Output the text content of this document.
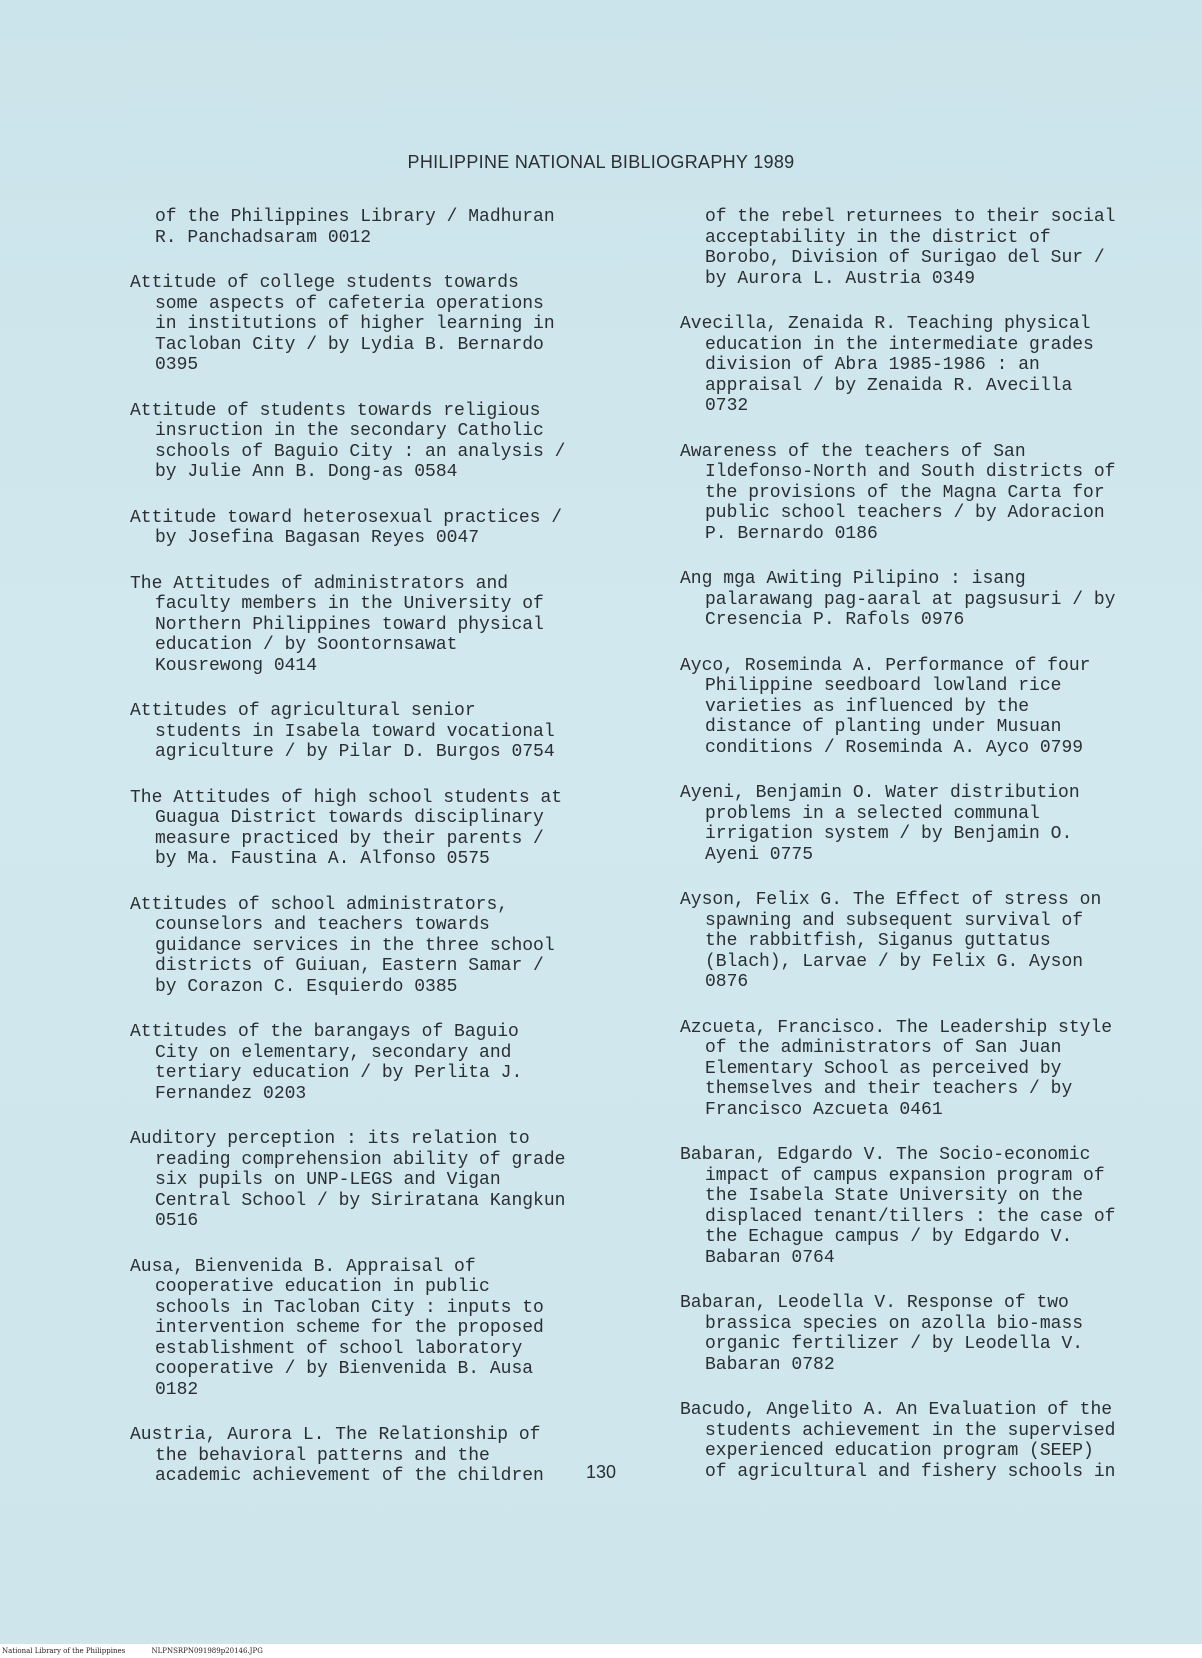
PHILIPPINE NATIONAL BIBLIOGRAPHY 1989
of the Philippines Library / Madhuran
R. Panchadsaram 0012
Attitude of college students towards
some aspects of cafeteria operations
in institutions of higher learning in
Tacloban City / by Lydia B. Bernardo
0395
Attitude of students towards religious
insruction in the secondary Catholic
schools of Baguio City : an analysis /
by Julie Ann B. Dong-as 0584
Attitude toward heterosexual practices /
by Josefina Bagasan Reyes 0047
The Attitudes of administrators and
faculty members in the University of
Northern Philippines toward physical
education / by Soontornsawat
Kousrewong 0414
Attitudes of agricultural senior
students in Isabela toward vocational
agriculture / by Pilar D. Burgos 0754
The Attitudes of high school students at
Guagua District towards disciplinary
measure practiced by their parents /
by Ma. Faustina A. Alfonso 0575
Attitudes of school administrators,
counselors and teachers towards
guidance services in the three school
districts of Guiuan, Eastern Samar /
by Corazon C. Esquierdo 0385
Attitudes of the barangays of Baguio
City on elementary, secondary and
tertiary education / by Perlita J.
Fernandez 0203
Auditory perception : its relation to
reading comprehension ability of grade
six pupils on UNP-LEGS and Vigan
Central School / by Siriratana Kangkun
0516
Ausa, Bienvenida B. Appraisal of
cooperative education in public
schools in Tacloban City : inputs to
intervention scheme for the proposed
establishment of school laboratory
cooperative / by Bienvenida B. Ausa
0182
Austria, Aurora L. The Relationship of
the behavioral patterns and the
academic achievement of the children
of the rebel returnees to their social
acceptability in the district of
Borobo, Division of Surigao del Sur /
by Aurora L. Austria 0349
Avecilla, Zenaida R. Teaching physical
education in the intermediate grades
division of Abra 1985-1986 : an
appraisal / by Zenaida R. Avecilla
0732
Awareness of the teachers of San
Ildefonso-North and South districts of
the provisions of the Magna Carta for
public school teachers / by Adoracion
P. Bernardo 0186
Ang mga Awiting Pilipino : isang
palarawang pag-aaral at pagsusuri / by
Cresencia P. Rafols 0976
Ayco, Roseminda A. Performance of four
Philippine seedboard lowland rice
varieties as influenced by the
distance of planting under Musuan
conditions / Roseminda A. Ayco 0799
Ayeni, Benjamin O. Water distribution
problems in a selected communal
irrigation system / by Benjamin O.
Ayeni 0775
Ayson, Felix G. The Effect of stress on
spawning and subsequent survival of
the rabbitfish, Siganus guttatus
(Blach), Larvae / by Felix G. Ayson
0876
Azcueta, Francisco. The Leadership style
of the administrators of San Juan
Elementary School as perceived by
themselves and their teachers / by
Francisco Azcueta 0461
Babaran, Edgardo V. The Socio-economic
impact of campus expansion program of
the Isabela State University on the
displaced tenant/tillers : the case of
the Echague campus / by Edgardo V.
Babaran 0764
Babaran, Leodella V. Response of two
brassica species on azolla bio-mass
organic fertilizer / by Leodella V.
Babaran 0782
Bacudo, Angelito A. An Evaluation of the
students achievement in the supervised
experienced education program (SEEP)
of agricultural and fishery schools in
130
National Library of the Philippines	NLPNSRPN091989p20146.JPG
